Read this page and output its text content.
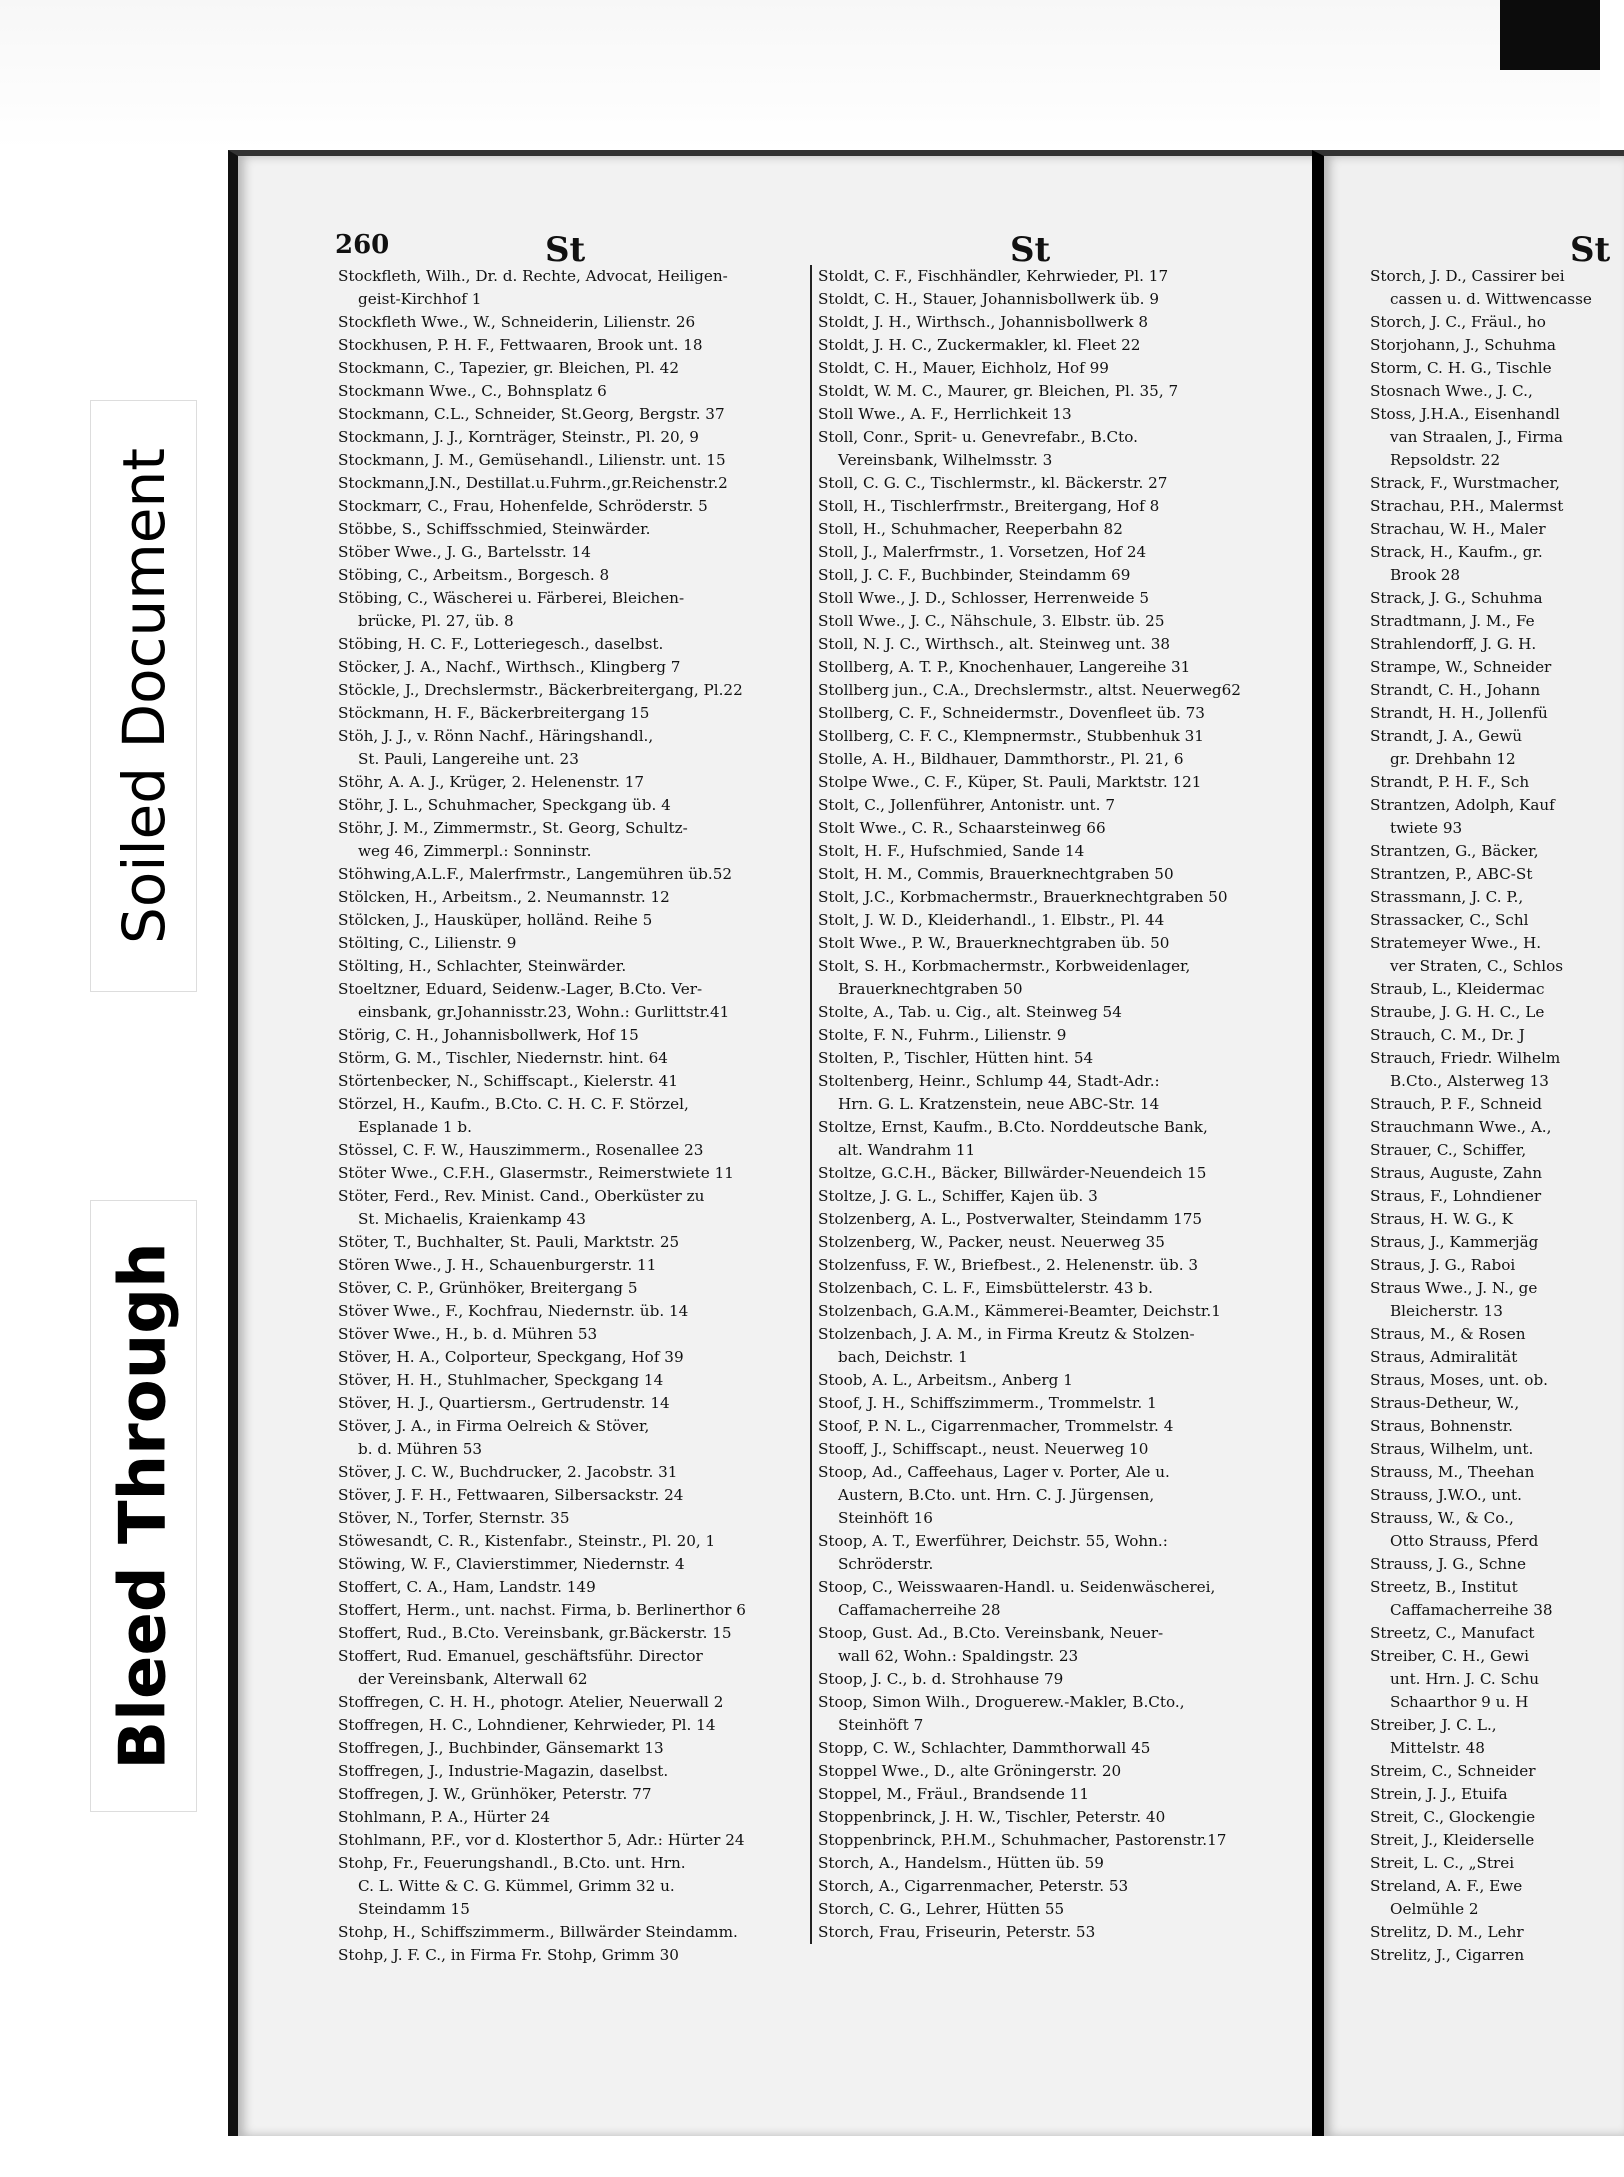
Soiled Document
Bleed Through
260	St	St	St
Stockfleth, Wilh., Dr. d. Rechte, Advocat, Heiligen-
geist-Kirchhof 1
Stockfleth Wwe., W., Schneiderin, Lilienstr. 26
Stockhusen, P. H. F., Fettwaaren, Brook unt. 18
Stockmann, C., Tapezier, gr. Bleichen, Pl. 42
Stockmann Wwe., C., Bohnsplatz 6
Stockmann, C.L., Schneider, St.Georg, Bergstr. 37
Stockmann, J. J., Kornträger, Steinstr., Pl. 20, 9
Stockmann, J. M., Gemüsehandl., Lilienstr. unt. 15
Stockmann,J.N., Destillat.u.Fuhrm.,gr.Reichenstr.2
Stockmarr, C., Frau, Hohenfelde, Schröderstr. 5
Stöbbe, S., Schiffsschmied, Steinwärder.
Stöber Wwe., J. G., Bartelsstr. 14
Stöbing, C., Arbeitsm., Borgesch. 8
Stöbing, C., Wäscherei u. Färberei, Bleichen-
brücke, Pl. 27, üb. 8
Stöbing, H. C. F., Lotteriegesch., daselbst.
Stöcker, J. A., Nachf., Wirthsch., Klingberg 7
Stöckle, J., Drechslermstr., Bäckerbreitergang, Pl.22
Stöckmann, H. F., Bäckerbreitergang 15
Stöh, J. J., v. Rönn Nachf., Häringshandl.,
St. Pauli, Langereihe unt. 23
Stöhr, A. A. J., Krüger, 2. Helenenstr. 17
Stöhr, J. L., Schuhmacher, Speckgang üb. 4
Stöhr, J. M., Zimmermstr., St. Georg, Schultz-
weg 46, Zimmerpl.: Sonninstr.
Stöhwing,A.L.F., Malerfrmstr., Langemühren üb.52
Stölcken, H., Arbeitsm., 2. Neumannstr. 12
Stölcken, J., Hausküper, holländ. Reihe 5
Stölting, C., Lilienstr. 9
Stölting, H., Schlachter, Steinwärder.
Stoeltzner, Eduard, Seidenw.-Lager, B.Cto. Ver-
einsbank, gr.Johannisstr.23, Wohn.: Gurlittstr.41
Störig, C. H., Johannisbollwerk, Hof 15
Störm, G. M., Tischler, Niedernstr. hint. 64
Störtenbecker, N., Schiffscapt., Kielerstr. 41
Störzel, H., Kaufm., B.Cto. C. H. C. F. Störzel,
Esplanade 1 b.
Stössel, C. F. W., Hauszimmerm., Rosenallee 23
Stöter Wwe., C.F.H., Glasermstr., Reimerstwiete 11
Stöter, Ferd., Rev. Minist. Cand., Oberküster zu
St. Michaelis, Kraienkamp 43
Stöter, T., Buchhalter, St. Pauli, Marktstr. 25
Stören Wwe., J. H., Schauenburgerstr. 11
Stöver, C. P., Grünhöker, Breitergang 5
Stöver Wwe., F., Kochfrau, Niedernstr. üb. 14
Stöver Wwe., H., b. d. Mühren 53
Stöver, H. A., Colporteur, Speckgang, Hof 39
Stöver, H. H., Stuhlmacher, Speckgang 14
Stöver, H. J., Quartiersm., Gertrudenstr. 14
Stöver, J. A., in Firma Oelreich & Stöver,
b. d. Mühren 53
Stöver, J. C. W., Buchdrucker, 2. Jacobstr. 31
Stöver, J. F. H., Fettwaaren, Silbersackstr. 24
Stöver, N., Torfer, Sternstr. 35
Stöwesandt, C. R., Kistenfabr., Steinstr., Pl. 20, 1
Stöwing, W. F., Clavierstimmer, Niedernstr. 4
Stoffert, C. A., Ham, Landstr. 149
Stoffert, Herm., unt. nachst. Firma, b. Berlinerthor 6
Stoffert, Rud., B.Cto. Vereinsbank, gr.Bäckerstr. 15
Stoffert, Rud. Emanuel, geschäftsführ. Director
der Vereinsbank, Alterwall 62
Stoffregen, C. H. H., photogr. Atelier, Neuerwall 2
Stoffregen, H. C., Lohndiener, Kehrwieder, Pl. 14
Stoffregen, J., Buchbinder, Gänsemarkt 13
Stoffregen, J., Industrie-Magazin, daselbst.
Stoffregen, J. W., Grünhöker, Peterstr. 77
Stohlmann, P. A., Hürter 24
Stohlmann, P.F., vor d. Klosterthor 5, Adr.: Hürter 24
Stohp, Fr., Feuerungshandl., B.Cto. unt. Hrn.
C. L. Witte & C. G. Kümmel, Grimm 32 u.
Steindamm 15
Stohp, H., Schiffszimmerm., Billwärder Steindamm.
Stohp, J. F. C., in Firma Fr. Stohp, Grimm 30
Stoldt, C. F., Fischhändler, Kehrwieder, Pl. 17
Stoldt, C. H., Stauer, Johannisbollwerk üb. 9
Stoldt, J. H., Wirthsch., Johannisbollwerk 8
Stoldt, J. H. C., Zuckermakler, kl. Fleet 22
Stoldt, C. H., Mauer, Eichholz, Hof 99
Stoldt, W. M. C., Maurer, gr. Bleichen, Pl. 35, 7
Stoll Wwe., A. F., Herrlichkeit 13
Stoll, Conr., Sprit- u. Genevrefabr., B.Cto.
Vereinsbank, Wilhelmsstr. 3
Stoll, C. G. C., Tischlermstr., kl. Bäckerstr. 27
Stoll, H., Tischlerfrmstr., Breitergang, Hof 8
Stoll, H., Schuhmacher, Reeperbahn 82
Stoll, J., Malerfrmstr., 1. Vorsetzen, Hof 24
Stoll, J. C. F., Buchbinder, Steindamm 69
Stoll Wwe., J. D., Schlosser, Herrenweide 5
Stoll Wwe., J. C., Nähschule, 3. Elbstr. üb. 25
Stoll, N. J. C., Wirthsch., alt. Steinweg unt. 38
Stollberg, A. T. P., Knochenhauer, Langereihe 31
Stollberg jun., C.A., Drechslermstr., altst. Neuerweg62
Stollberg, C. F., Schneidermstr., Dovenfleet üb. 73
Stollberg, C. F. C., Klempnermstr., Stubbenhuk 31
Stolle, A. H., Bildhauer, Dammthorstr., Pl. 21, 6
Stolpe Wwe., C. F., Küper, St. Pauli, Marktstr. 121
Stolt, C., Jollenführer, Antonistr. unt. 7
Stolt Wwe., C. R., Schaarsteinweg 66
Stolt, H. F., Hufschmied, Sande 14
Stolt, H. M., Commis, Brauerknechtgraben 50
Stolt, J.C., Korbmachermstr., Brauerknechtgraben 50
Stolt, J. W. D., Kleiderhandl., 1. Elbstr., Pl. 44
Stolt Wwe., P. W., Brauerknechtgraben üb. 50
Stolt, S. H., Korbmachermstr., Korbweidenlager,
Brauerknechtgraben 50
Stolte, A., Tab. u. Cig., alt. Steinweg 54
Stolte, F. N., Fuhrm., Lilienstr. 9
Stolten, P., Tischler, Hütten hint. 54
Stoltenberg, Heinr., Schlump 44, Stadt-Adr.:
Hrn. G. L. Kratzenstein, neue ABC-Str. 14
Stoltze, Ernst, Kaufm., B.Cto. Norddeutsche Bank,
alt. Wandrahm 11
Stoltze, G.C.H., Bäcker, Billwärder-Neuendeich 15
Stoltze, J. G. L., Schiffer, Kajen üb. 3
Stolzenberg, A. L., Postverwalter, Steindamm 175
Stolzenberg, W., Packer, neust. Neuerweg 35
Stolzenfuss, F. W., Briefbest., 2. Helenenstr. üb. 3
Stolzenbach, C. L. F., Eimsbüttelerstr. 43 b.
Stolzenbach, G.A.M., Kämmerei-Beamter, Deichstr.1
Stolzenbach, J. A. M., in Firma Kreutz & Stolzen-
bach, Deichstr. 1
Stoob, A. L., Arbeitsm., Anberg 1
Stoof, J. H., Schiffszimmerm., Trommelstr. 1
Stoof, P. N. L., Cigarrenmacher, Trommelstr. 4
Stooff, J., Schiffscapt., neust. Neuerweg 10
Stoop, Ad., Caffeehaus, Lager v. Porter, Ale u.
Austern, B.Cto. unt. Hrn. C. J. Jürgensen,
Steinhöft 16
Stoop, A. T., Ewerführer, Deichstr. 55, Wohn.:
Schröderstr.
Stoop, C., Weisswaaren-Handl. u. Seidenwäscherei,
Caffamacherreihe 28
Stoop, Gust. Ad., B.Cto. Vereinsbank, Neuer-
wall 62, Wohn.: Spaldingstr. 23
Stoop, J. C., b. d. Strohhause 79
Stoop, Simon Wilh., Droguerew.-Makler, B.Cto.,
Steinhöft 7
Stopp, C. W., Schlachter, Dammthorwall 45
Stoppel Wwe., D., alte Gröningerstr. 20
Stoppel, M., Fräul., Brandsende 11
Stoppenbrinck, J. H. W., Tischler, Peterstr. 40
Stoppenbrinck, P.H.M., Schuhmacher, Pastorenstr.17
Storch, A., Handelsm., Hütten üb. 59
Storch, A., Cigarrenmacher, Peterstr. 53
Storch, C. G., Lehrer, Hütten 55
Storch, Frau, Friseurin, Peterstr. 53
Storch, J. D., Cassirer bei
cassen u. d. Wittwencasse
Storch, J. C., Fräul., ho
Storjohann, J., Schuhma
Storm, C. H. G., Tischle
Stosnach Wwe., J. C.,
Stoss, J.H.A., Eisenhandl
van Straalen, J., Firma
Repsoldstr. 22
Strack, F., Wurstmacher,
Strachau, P.H., Malermst
Strachau, W. H., Maler
Strack, H., Kaufm., gr.
Brook 28
Strack, J. G., Schuhma
Stradtmann, J. M., Fe
Strahlendorff, J. G. H.
Strampe, W., Schneider
Strandt, C. H., Johann
Strandt, H. H., Jollenfü
Strandt, J. A., Gewü
gr. Drehbahn 12
Strandt, P. H. F., Sch
Strantzen, Adolph, Kauf
twiete 93
Strantzen, G., Bäcker,
Strantzen, P., ABC-St
Strassmann, J. C. P.,
Strassacker, C., Schl
Stratemeyer Wwe., H.
ver Straten, C., Schlos
Straub, L., Kleidermac
Straube, J. G. H. C., Le
Strauch, C. M., Dr. J
Strauch, Friedr. Wilhelm
B.Cto., Alsterweg 13
Strauch, P. F., Schneid
Strauchmann Wwe., A.,
Strauer, C., Schiffer,
Straus, Auguste, Zahn
Straus, F., Lohndiener
Straus, H. W. G., K
Straus, J., Kammerjäg
Straus, J. G., Raboi
Straus Wwe., J. N., ge
Bleicherstr. 13
Straus, M., & Rosen
Straus, Admiralität
Straus, Moses, unt. ob.
Straus-Detheur, W.,
Straus, Bohnenstr.
Straus, Wilhelm, unt.
Strauss, M., Theehan
Strauss, J.W.O., unt.
Strauss, W., & Co.,
Otto Strauss, Pferd
Strauss, J. G., Schne
Streetz, B., Institut
Caffamacherreihe 38
Streetz, C., Manufact
Streiber, C. H., Gewi
unt. Hrn. J. C. Schu
Schaarthor 9 u. H
Streiber, J. C. L.,
Mittelstr. 48
Streim, C., Schneider
Strein, J. J., Etuifa
Streit, C., Glockengie
Streit, J., Kleiderselle
Streit, L. C., „Strei
Streland, A. F., Ewe
Oelmühle 2
Strelitz, D. M., Lehr
Strelitz, J., Cigarren
